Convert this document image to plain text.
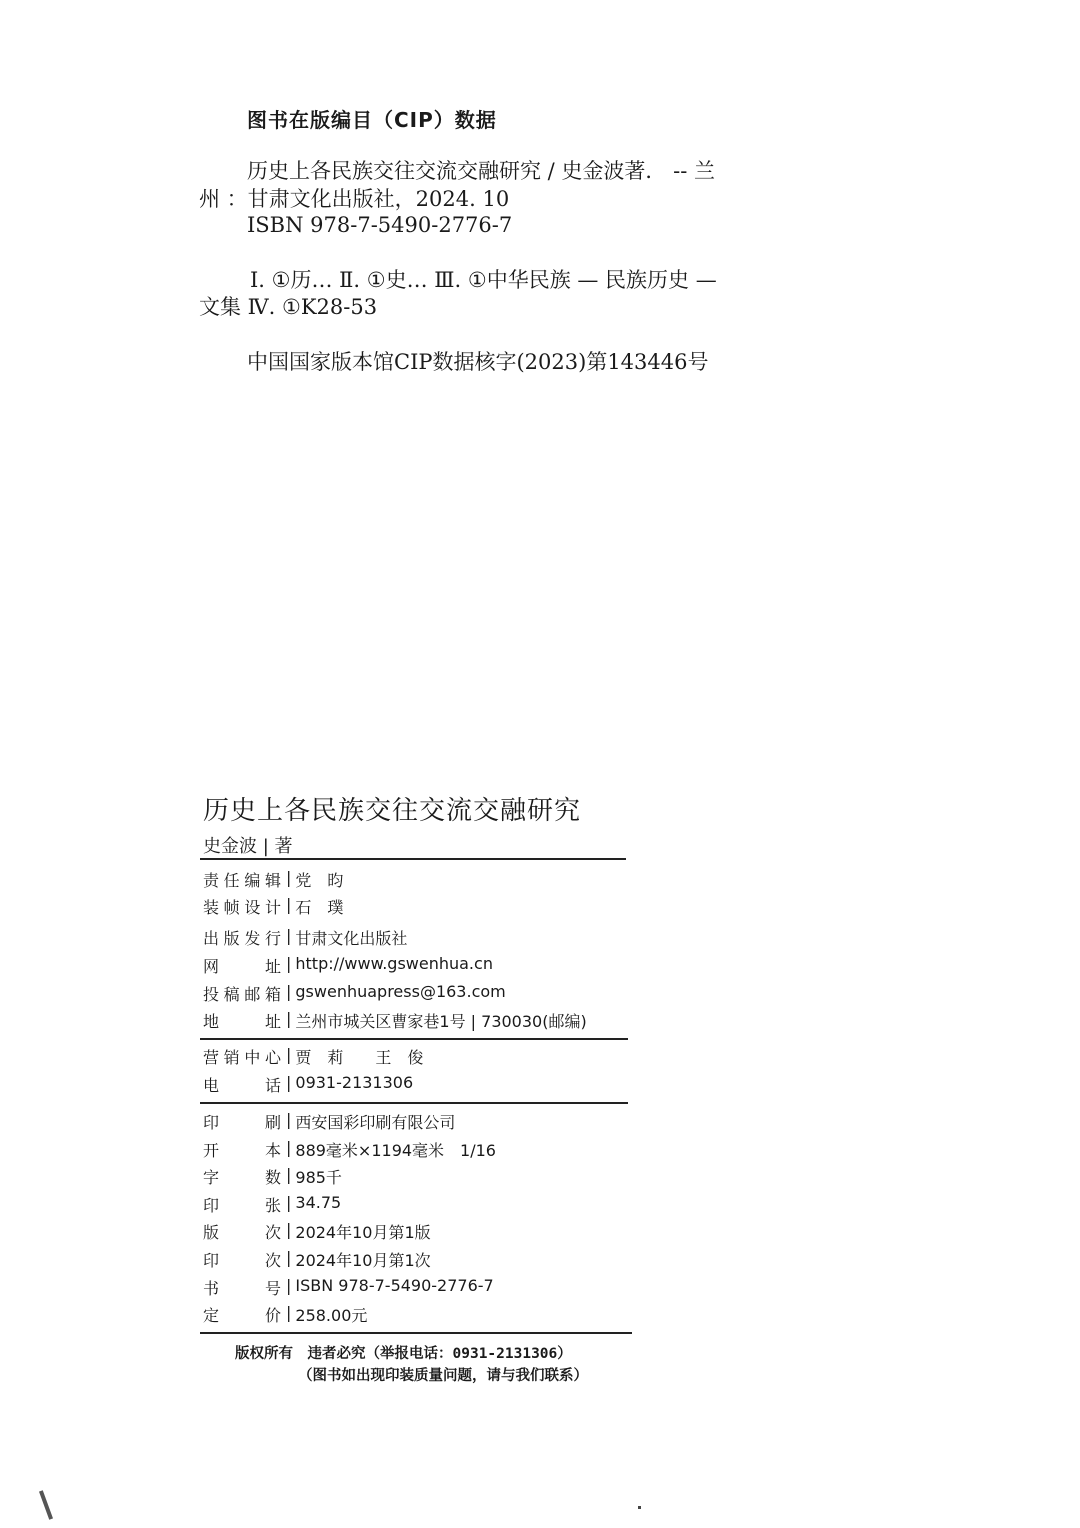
图书在版编目（CIP）数据
历史上各民族交往交流交融研究 / 史金波著． -- 兰
州 ：甘肃文化出版社，2024. 10
ISBN 978-7-5490-2776-7
Ⅰ. ①历… Ⅱ. ①史… Ⅲ. ①中华民族 — 民族历史 —
文集 Ⅳ. ①K28-53
中国国家版本馆CIP数据核字(2023)第143446号
历史上各民族交往交流交融研究
史金波 | 著
责任编辑 | 党　昀
装帧设计 | 石　璞
出版发行 | 甘肃文化出版社
网址 | http://www.gswenhua.cn
投稿邮箱 | gswenhuapress@163.com
地址 | 兰州市城关区曹家巷1号 | 730030(邮编)
营销中心 | 贾　莉　　王　俊
电话 | 0931-2131306
印刷 | 西安国彩印刷有限公司
开本 | 889毫米×1194毫米　1/16
字数 | 985千
印张 | 34.75
版次 | 2024年10月第1版
印次 | 2024年10月第1次
书号 | ISBN 978-7-5490-2776-7
定价 | 258.00元
版权所有　违者必究（举报电话：0931-2131306）
（图书如出现印装质量问题，请与我们联系）
